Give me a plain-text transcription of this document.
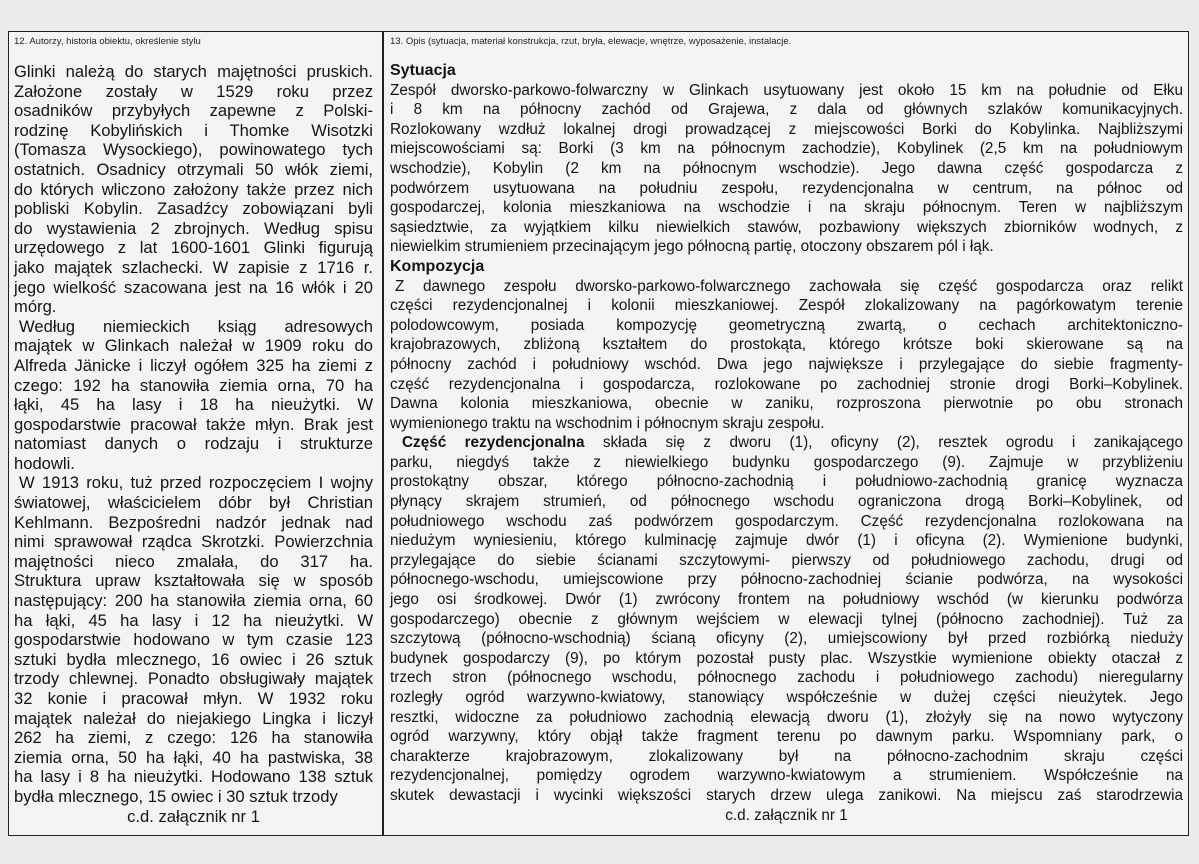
12. Autorzy, historia obiektu, określenie stylu	13. Opis (sytuacja, materiał konstrukcja, rzut, bryła, elewacje, wnętrze, wyposażenie, instalacje.
Glinki należą do starych majętności pruskich.
Założone zostały w 1529 roku przez
osadników przybyłych zapewne z Polski-
rodzinę Kobylińskich i Thomke Wisotzki
(Tomasza Wysockiego), powinowatego tych
ostatnich. Osadnicy otrzymali 50 włók ziemi,
do których wliczono założony także przez nich
pobliski Kobylin. Zasadźcy zobowiązani byli
do wystawienia 2 zbrojnych. Według spisu
urzędowego z lat 1600-1601 Glinki figurują
jako majątek szlachecki. W zapisie z 1716 r.
jego wielkość szacowana jest na 16 włók i 20
mórg.
Według niemieckich ksiąg adresowych
majątek w Glinkach należał w 1909 roku do
Alfreda Jänicke i liczył ogółem 325 ha ziemi z
czego: 192 ha stanowiła ziemia orna, 70 ha
łąki, 45 ha lasy i 18 ha nieużytki. W
gospodarstwie pracował także młyn. Brak jest
natomiast danych o rodzaju i strukturze
hodowli.
W 1913 roku, tuż przed rozpoczęciem I wojny
światowej, właścicielem dóbr był Christian
Kehlmann. Bezpośredni nadzór jednak nad
nimi sprawował rządca Skrotzki. Powierzchnia
majętności nieco zmalała, do 317 ha.
Struktura upraw kształtowała się w sposób
następujący: 200 ha stanowiła ziemia orna, 60
ha łąki, 45 ha lasy i 12 ha nieużytki. W
gospodarstwie hodowano w tym czasie 123
sztuki bydła mlecznego, 16 owiec i 26 sztuk
trzody chlewnej. Ponadto obsługiwały majątek
32 konie i pracował młyn. W 1932 roku
majątek należał do niejakiego Lingka i liczył
262 ha ziemi, z czego: 126 ha stanowiła
ziemia orna, 50 ha łąki, 40 ha pastwiska, 38
ha lasy i 8 ha nieużytki. Hodowano 138 sztuk
bydła mlecznego, 15 owiec i 30 sztuk trzody
c.d. załącznik nr 1
Sytuacja
Zespół dworsko-parkowo-folwarczny w Glinkach usytuowany jest około 15 km na południe od Ełku
i 8 km na północny zachód od Grajewa, z dala od głównych szlaków komunikacyjnych.
Rozlokowany wzdłuż lokalnej drogi prowadzącej z miejscowości Borki do Kobylinka. Najbliższymi
miejscowościami są: Borki (3 km na północnym zachodzie), Kobylinek (2,5 km na południowym
wschodzie), Kobylin (2 km na północnym wschodzie). Jego dawna część gospodarcza z
podwórzem usytuowana na południu zespołu, rezydencjonalna w centrum, na północ od
gospodarczej, kolonia mieszkaniowa na wschodzie i na skraju północnym. Teren w najbliższym
sąsiedztwie, za wyjątkiem kilku niewielkich stawów, pozbawiony większych zbiorników wodnych, z
niewielkim strumieniem przecinającym jego północną partię, otoczony obszarem pól i łąk.
Kompozycja
Z dawnego zespołu dworsko-parkowo-folwarcznego zachowała się część gospodarcza oraz relikt
części rezydencjonalnej i kolonii mieszkaniowej. Zespół zlokalizowany na pagórkowatym terenie
polodowcowym, posiada kompozycję geometryczną zwartą, o cechach architektoniczno-
krajobrazowych, zbliżoną kształtem do prostokąta, którego krótsze boki skierowane są na
północny zachód i południowy wschód. Dwa jego największe i przylegające do siebie fragmenty-
część rezydencjonalna i gospodarcza, rozlokowane po zachodniej stronie drogi Borki–Kobylinek.
Dawna kolonia mieszkaniowa, obecnie w zaniku, rozproszona pierwotnie po obu stronach
wymienionego traktu na wschodnim i północnym skraju zespołu.
Część rezydencjonalna składa się z dworu (1), oficyny (2), resztek ogrodu i zanikającego
parku, niegdyś także z niewielkiego budynku gospodarczego (9). Zajmuje w przybliżeniu
prostokątny obszar, którego północno-zachodnią i południowo-zachodnią granicę wyznacza
płynący skrajem strumień, od północnego wschodu ograniczona drogą Borki–Kobylinek, od
południowego wschodu zaś podwórzem gospodarczym. Część rezydencjonalna rozlokowana na
niedużym wyniesieniu, którego kulminację zajmuje dwór (1) i oficyna (2). Wymienione budynki,
przylegające do siebie ścianami szczytowymi- pierwszy od południowego zachodu, drugi od
północnego-wschodu, umiejscowione przy północno-zachodniej ścianie podwórza, na wysokości
jego osi środkowej. Dwór (1) zwrócony frontem na południowy wschód (w kierunku podwórza
gospodarczego) obecnie z głównym wejściem w elewacji tylnej (północno zachodniej). Tuż za
szczytową (północno-wschodnią) ścianą oficyny (2), umiejscowiony był przed rozbiórką nieduży
budynek gospodarczy (9), po którym pozostał pusty plac. Wszystkie wymienione obiekty otaczał z
trzech stron (północnego wschodu, północnego zachodu i południowego zachodu) nieregularny
rozległy ogród warzywno-kwiatowy, stanowiący współcześnie w dużej części nieużytek. Jego
resztki, widoczne za południowo zachodnią elewacją dworu (1), złożyły się na nowo wytyczony
ogród warzywny, który objął także fragment terenu po dawnym parku. Wspomniany park, o
charakterze krajobrazowym, zlokalizowany był na północno-zachodnim skraju części
rezydencjonalnej, pomiędzy ogrodem warzywno-kwiatowym a strumieniem. Współcześnie na
skutek dewastacji i wycinki większości starych drzew ulega zanikowi. Na miejscu zaś starodrzewia
c.d. załącznik nr 1
